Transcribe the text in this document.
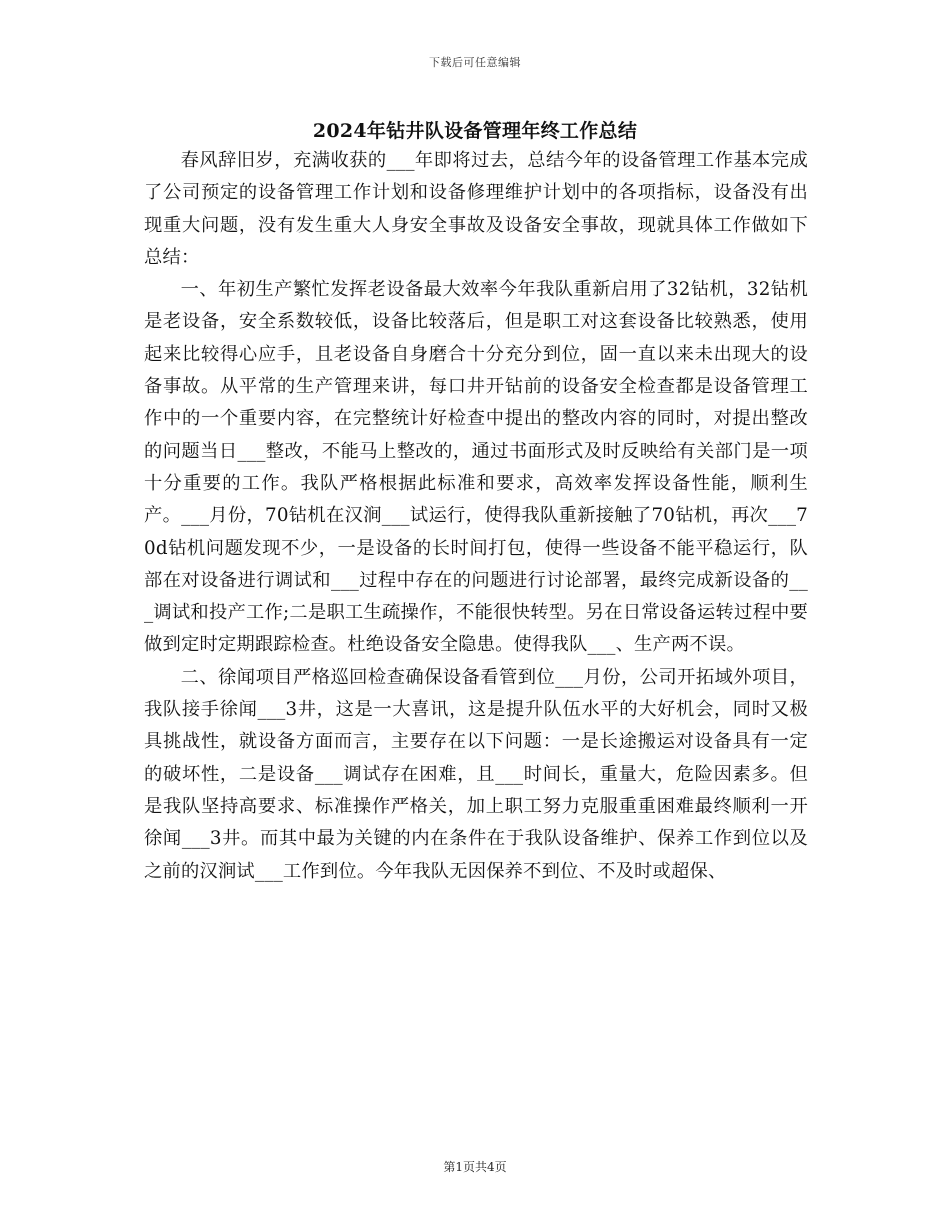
下载后可任意编辑
2024年钻井队设备管理年终工作总结

春风辞旧岁，充满收获的___年即将过去，总结今年的设备管理工作基本完成了公司预定的设备管理工作计划和设备修理维护计划中的各项指标，设备没有出现重大问题，没有发生重大人身安全事故及设备安全事故，现就具体工作做如下总结：

一、年初生产繁忙发挥老设备最大效率今年我队重新启用了32钻机，32钻机是老设备，安全系数较低，设备比较落后，但是职工对这套设备比较熟悉，使用起来比较得心应手，且老设备自身磨合十分充分到位，固一直以来未出现大的设备事故。从平常的生产管理来讲，每口井开钻前的设备安全检查都是设备管理工作中的一个重要内容，在完整统计好检查中提出的整改内容的同时，对提出整改的问题当日___整改，不能马上整改的，通过书面形式及时反映给有关部门是一项十分重要的工作。我队严格根据此标准和要求，高效率发挥设备性能，顺利生产。___月份，70钻机在汉涧___试运行，使得我队重新接触了70钻机，再次___70d钻机问题发现不少，一是设备的长时间打包，使得一些设备不能平稳运行，队部在对设备进行调试和___过程中存在的问题进行讨论部署，最终完成新设备的___调试和投产工作;二是职工生疏操作，不能很快转型。另在日常设备运转过程中要做到定时定期跟踪检查。杜绝设备安全隐患。使得我队___、生产两不误。

二、徐闻项目严格巡回检查确保设备看管到位___月份，公司开拓域外项目，我队接手徐闻___3井，这是一大喜讯，这是提升队伍水平的大好机会，同时又极具挑战性，就设备方面而言，主要存在以下问题：一是长途搬运对设备具有一定的破坏性，二是设备___调试存在困难，且___时间长，重量大，危险因素多。但是我队坚持高要求、标准操作严格关，加上职工努力克服重重困难最终顺利一开徐闻___3井。而其中最为关键的内在条件在于我队设备维护、保养工作到位以及之前的汉涧试___工作到位。今年我队无因保养不到位、不及时或超保、

第1页共4页
